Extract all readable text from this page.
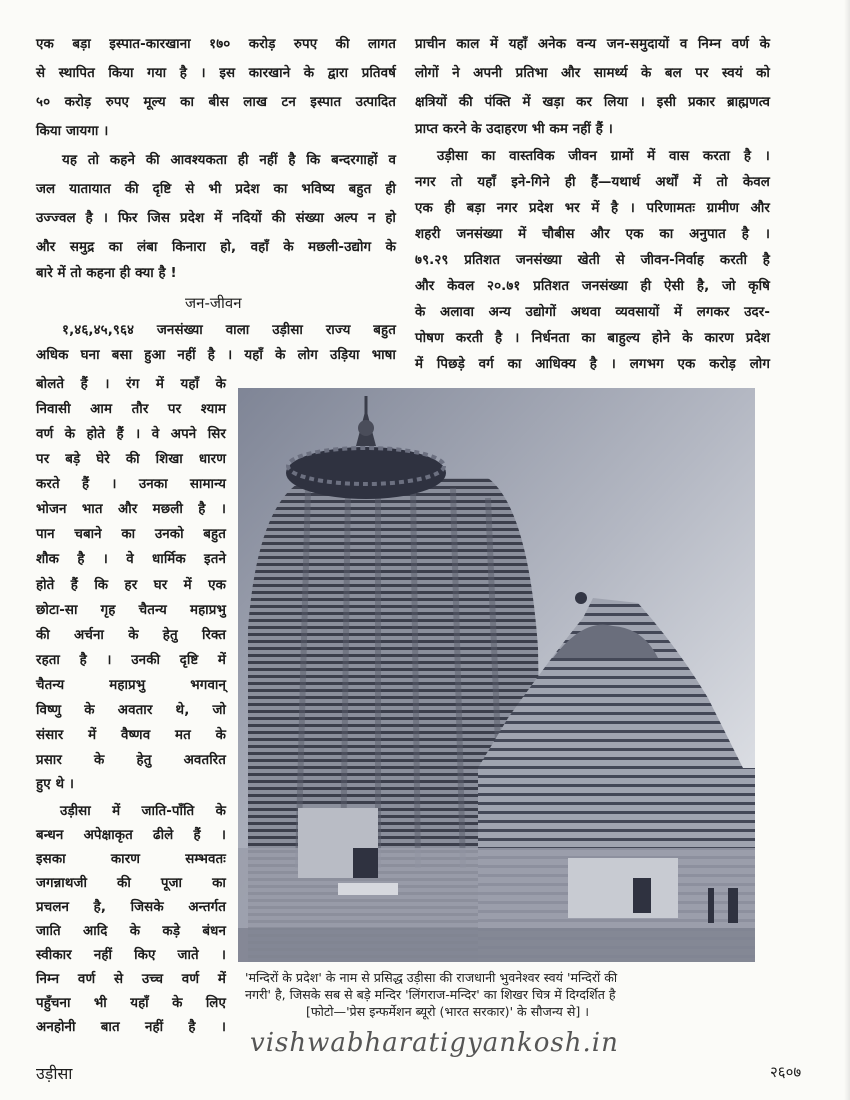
एक बड़ा इस्पात-कारखाना १७० करोड़ रुपए की लागत
से स्थापित किया गया है । इस कारखाने के द्वारा प्रतिवर्ष
५० करोड़ रुपए मूल्य का बीस लाख टन इस्पात उत्पादित
किया जायगा ।
यह तो कहने की आवश्यकता ही नहीं है कि बन्दरगाहों व
जल यातायात की दृष्टि से भी प्रदेश का भविष्य बहुत ही
उज्ज्वल है । फिर जिस प्रदेश में नदियों की संख्या अल्प न हो
और समुद्र का लंबा किनारा हो, वहाँ के मछली-उद्योग के
बारे में तो कहना ही क्या है !
जन-जीवन
१,४६,४५,९६४ जनसंख्या वाला उड़ीसा राज्य बहुत
अधिक घना बसा हुआ नहीं है । यहाँ के लोग उड़िया भाषा
प्राचीन काल में यहाँ अनेक वन्य जन-समुदायों व निम्न वर्ण के
लोगों ने अपनी प्रतिभा और सामर्थ्य के बल पर स्वयं को
क्षत्रियों की पंक्ति में खड़ा कर लिया । इसी प्रकार ब्राह्मणत्व
प्राप्त करने के उदाहरण भी कम नहीं हैं ।
उड़ीसा का वास्तविक जीवन ग्रामों में वास करता है ।
नगर तो यहाँ इने-गिने ही हैं—यथार्थ अर्थों में तो केवल
एक ही बड़ा नगर प्रदेश भर में है । परिणामतः ग्रामीण और
शहरी जनसंख्या में चौबीस और एक का अनुपात है ।
७९.२९ प्रतिशत जनसंख्या खेती से जीवन-निर्वाह करती है
और केवल २०.७१ प्रतिशत जनसंख्या ही ऐसी है, जो कृषि
के अलावा अन्य उद्योगों अथवा व्यवसायों में लगकर उदर-
पोषण करती है । निर्धनता का बाहुल्य होने के कारण प्रदेश
में पिछड़े वर्ग का आधिक्य है । लगभग एक करोड़ लोग
बोलते हैं । रंग में यहाँ के
निवासी आम तौर पर श्याम
वर्ण के होते हैं । वे अपने सिर
पर बड़े घेरे की शिखा धारण
करते हैं । उनका सामान्य
भोजन भात और मछली है ।
पान चबाने का उनको बहुत
शौक है । वे धार्मिक इतने
होते हैं कि हर घर में एक
छोटा-सा गृह चैतन्य महाप्रभु
की अर्चना के हेतु रिक्त
रहता है । उनकी दृष्टि में
चैतन्य महाप्रभु भगवान्
विष्णु के अवतार थे, जो
संसार में वैष्णव मत के
प्रसार के हेतु अवतरित
हुए थे ।
उड़ीसा में जाति-पाँति के
बन्धन अपेक्षाकृत ढीले हैं ।
इसका कारण सम्भवतः
जगन्नाथजी की पूजा का
प्रचलन है, जिसके अन्तर्गत
जाति आदि के कड़े बंधन
स्वीकार नहीं किए जाते ।
निम्न वर्ण से उच्च वर्ण में
पहुँचना भी यहाँ के लिए
अनहोनी बात नहीं है ।
'मन्दिरों के प्रदेश' के नाम से प्रसिद्ध उड़ीसा की राजधानी भुवनेश्वर स्वयं 'मन्दिरों की
नगरी' है, जिसके सब से बड़े मन्दिर 'लिंगराज-मन्दिर' का शिखर चित्र में दिग्दर्शित है
[फोटो—'प्रेस इन्फर्मेशन ब्यूरो (भारत सरकार)' के सौजन्य से] ।
vishwabharatigyankosh.in
उड़ीसा	२६०७
